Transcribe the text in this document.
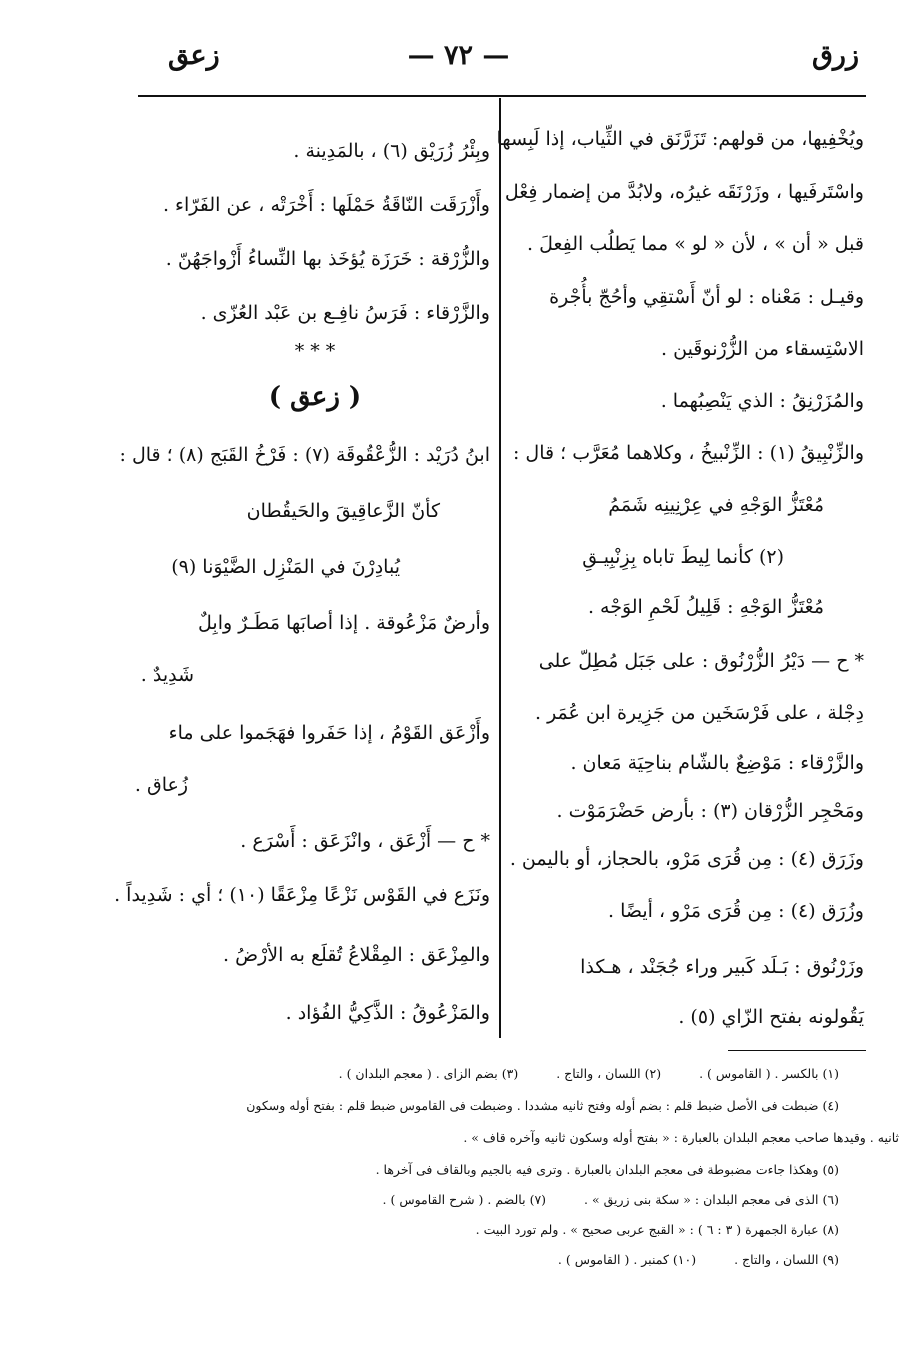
زرق
— ٧٢ —
زعق
ويُخْفِيها، من قولهم: تَزَرَّنَق في الثِّياب، إذا لَبِسها
واسْتَرفَيها ، وزَرْنَقَه غيرُه، ولابُدَّ من إضمار فِعْل
قبل « أن » ، لأن « لو » مما يَطلُب الفِعلَ .
وقيـل : مَعْناه : لو أنّ أَسْتقِي وأحُجّ بأُجْرة
الاسْتِسقاء من الزُّرْنوقَين .
والمُزَرْنِقُ : الذي يَنْصِبُهما .
والزِّنْبِيقُ (١) : الزِّنْبيخُ ، وكلاهما مُعَرَّب ؛ قال :
مُعْتَزُّ الوَجْهِ في عِرْنِينِه شَمَمُ
(٢) كأنما لِيطَ تاباه بِزِنْبِيـقِ
مُعْتَزُّ الوَجْهِ : قَلِيلُ لَحْمِ الوَجْه .
* ح — دَيْرُ الزُّرْنُوق : على جَبَل مُطِلّ على
دِجْلة ، على فَرْسَخَين من جَزِيرة ابن عُمَر .
والزَّرْقاء : مَوْضِعٌ بالشّام بناحِيَة مَعان .
ومَحْجِر الزُّرْقان (٣) : بأرض حَضْرَمَوْت .
وزَرَق (٤) : مِن قُرَى مَرْو، بالحجاز، أو باليمن .
وزُرَق (٤) : مِن قُرَى مَرْو ، أيضًا .
وزَرْنُوق : بَـلَد كَبير وراء جُجَنْد ، هـكذا
يَقُولونه بفتح الزّاي (٥) .
وبِئْرُ زُرَيْق (٦) ، بالمَدِينة .
وأَزْرَقَت النّاقَةُ حَمْلَها : أَخْرَتْه ، عن الفَرّاء .
والزُّرْقة : خَرَزَة يُؤخَذ بها النِّساءُ أَزْواجَهُنّ .
والزَّرْقاء : فَرَسُ نافِـع بن عَبْد العُزّى .
* * *
( زعق )
ابنُ دُرَيْد : الزُّعْقُوقَة (٧) : فَرْخُ القَبَج (٨) ؛ قال :
كأنّ الزَّعاقِيقَ والحَيقُطان
يُبادِرْنَ في المَنْزِل الضَّيْوَنا (٩)
وأرضٌ مَزْعُوقة . إذا أصابَها مَطَـرٌ وابِلٌ
شَدِيدٌ .
وأَزْعَق القَوْمُ ، إذا حَفَروا فهَجَموا على ماء
زُعاق .
* ح — أَزْعَق ، وانْزَعَق : أَسْرَع .
ونَزَع في القَوْس نَزْعًا مِزْعَقًا (١٠) ؛ أي : شَدِيداً .
والمِزْعَق : المِقْلاعُ تُقلَع به الأرْضُ .
والمَزْعُوقُ : الذَّكِيُّ الفُؤاد .
(١) بالكسر . ( القاموس ) . (٢) اللسان ، والتاج . (٣) بضم الزاى . ( معجم البلدان ) .
(٤) ضبطت فى الأصل ضبط قلم : بضم أوله وفتح ثانيه مشددا . وضبطت فى القاموس ضبط قلم : بفتح أوله وسكون
ثانيه . وقيدها صاحب معجم البلدان بالعبارة : « بفتح أوله وسكون ثانيه وآخره قاف » .
(٥) وهكذا جاءت مضبوطة فى معجم البلدان بالعبارة . وترى فيه بالجيم وبالقاف فى آخرها .
(٦) الذى فى معجم البلدان : « سكة بنى زريق » . (٧) بالضم . ( شرح القاموس ) .
(٨) عبارة الجمهرة ( ٣ : ٦ ) : « القبج عربى صحيح » . ولم تورد البيت .
(٩) اللسان ، والتاج . (١٠) كمنبر . ( القاموس ) .
